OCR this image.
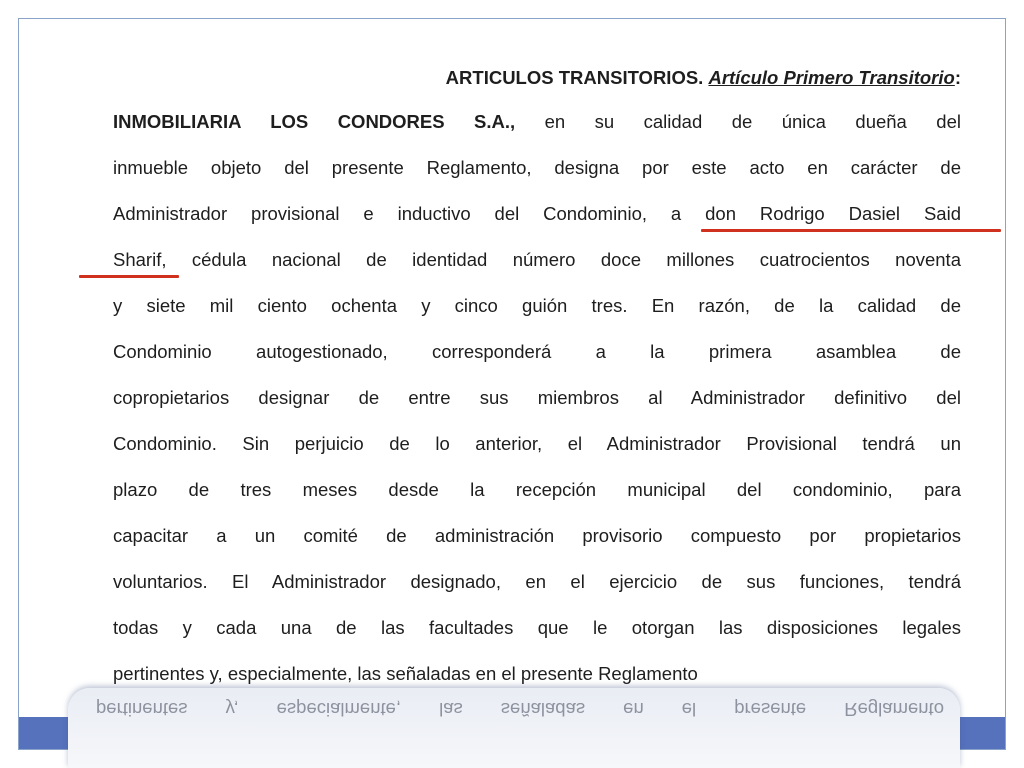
ARTICULOS TRANSITORIOS. Artículo Primero Transitorio:

INMOBILIARIA LOS CONDORES S.A., en su calidad de única dueña del

inmueble objeto del presente Reglamento, designa por este acto en carácter de

Administrador provisional e inductivo del Condominio, a don Rodrigo Dasiel Said

Sharif, cédula nacional de identidad número doce millones cuatrocientos noventa

y siete mil ciento ochenta y cinco guión tres. En razón, de la calidad de

Condominio autogestionado, corresponderá a la primera asamblea de

copropietarios designar de entre sus miembros al Administrador definitivo del

Condominio. Sin perjuicio de lo anterior, el Administrador Provisional tendrá un

plazo de tres meses desde la recepción municipal del condominio, para

capacitar a un comité de administración provisorio compuesto por propietarios

voluntarios. El Administrador designado, en el ejercicio de sus funciones, tendrá

todas y cada una de las facultades que le otorgan las disposiciones legales

pertinentes y, especialmente, las señaladas en el presente Reglamento

pertinentes y, especialmente, las señaladas en el presente Reglamento
